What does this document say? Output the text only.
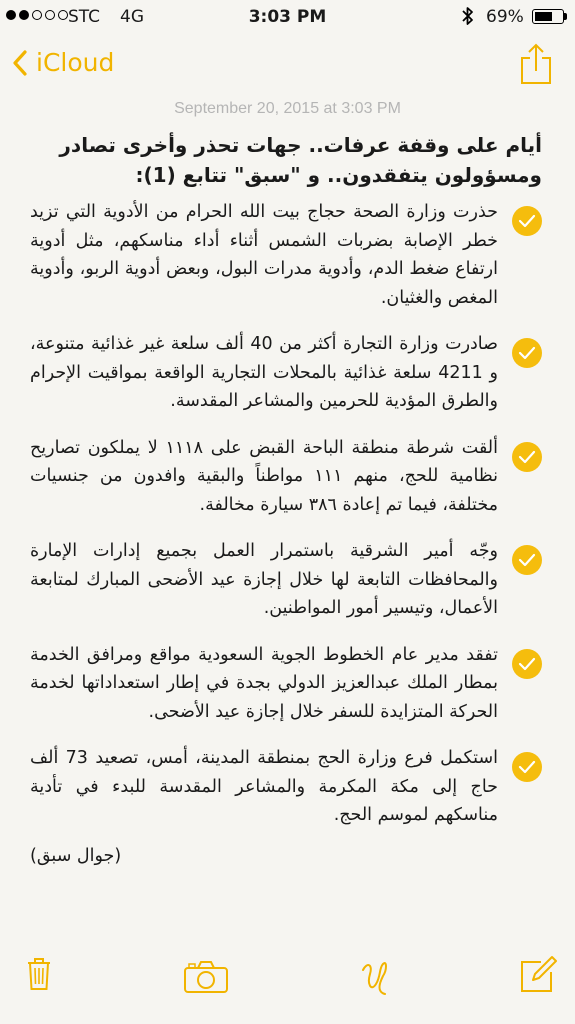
STC 4G	3:03 PM	69%
iCloud
September 20, 2015 at 3:03 PM

أيام على وقفة عرفات.. جهات تحذر وأخرى تصادر ومسؤولون يتفقدون.. و "سبق" تتابع (1):

حذرت وزارة الصحة حجاج بيت الله الحرام من الأدوية التي تزيد خطر الإصابة بضربات الشمس أثناء أداء مناسكهم، مثل أدوية ارتفاع ضغط الدم، وأدوية مدرات البول، وبعض أدوية الربو، وأدوية المغص والغثيان.
صادرت وزارة التجارة أكثر من 40 ألف سلعة غير غذائية متنوعة، و 4211 سلعة غذائية بالمحلات التجارية الواقعة بمواقيت الإحرام والطرق المؤدية للحرمين والمشاعر المقدسة.
ألقت شرطة منطقة الباحة القبض على ١١١٨ لا يملكون تصاريح نظامية للحج، منهم ١١١ مواطناً والبقية وافدون من جنسيات مختلفة، فيما تم إعادة ٣٨٦ سيارة مخالفة.
وجّه أمير الشرقية باستمرار العمل بجميع إدارات الإمارة والمحافظات التابعة لها خلال إجازة عيد الأضحى المبارك لمتابعة الأعمال، وتيسير أمور المواطنين.
تفقد مدير عام الخطوط الجوية السعودية مواقع ومرافق الخدمة بمطار الملك عبدالعزيز الدولي بجدة في إطار استعداداتها لخدمة الحركة المتزايدة للسفر خلال إجازة عيد الأضحى.
استكمل فرع وزارة الحج بمنطقة المدينة، أمس، تصعيد 73 ألف حاج إلى مكة المكرمة والمشاعر المقدسة للبدء في تأدية مناسكهم لموسم الحج.
(جوال سبق)
